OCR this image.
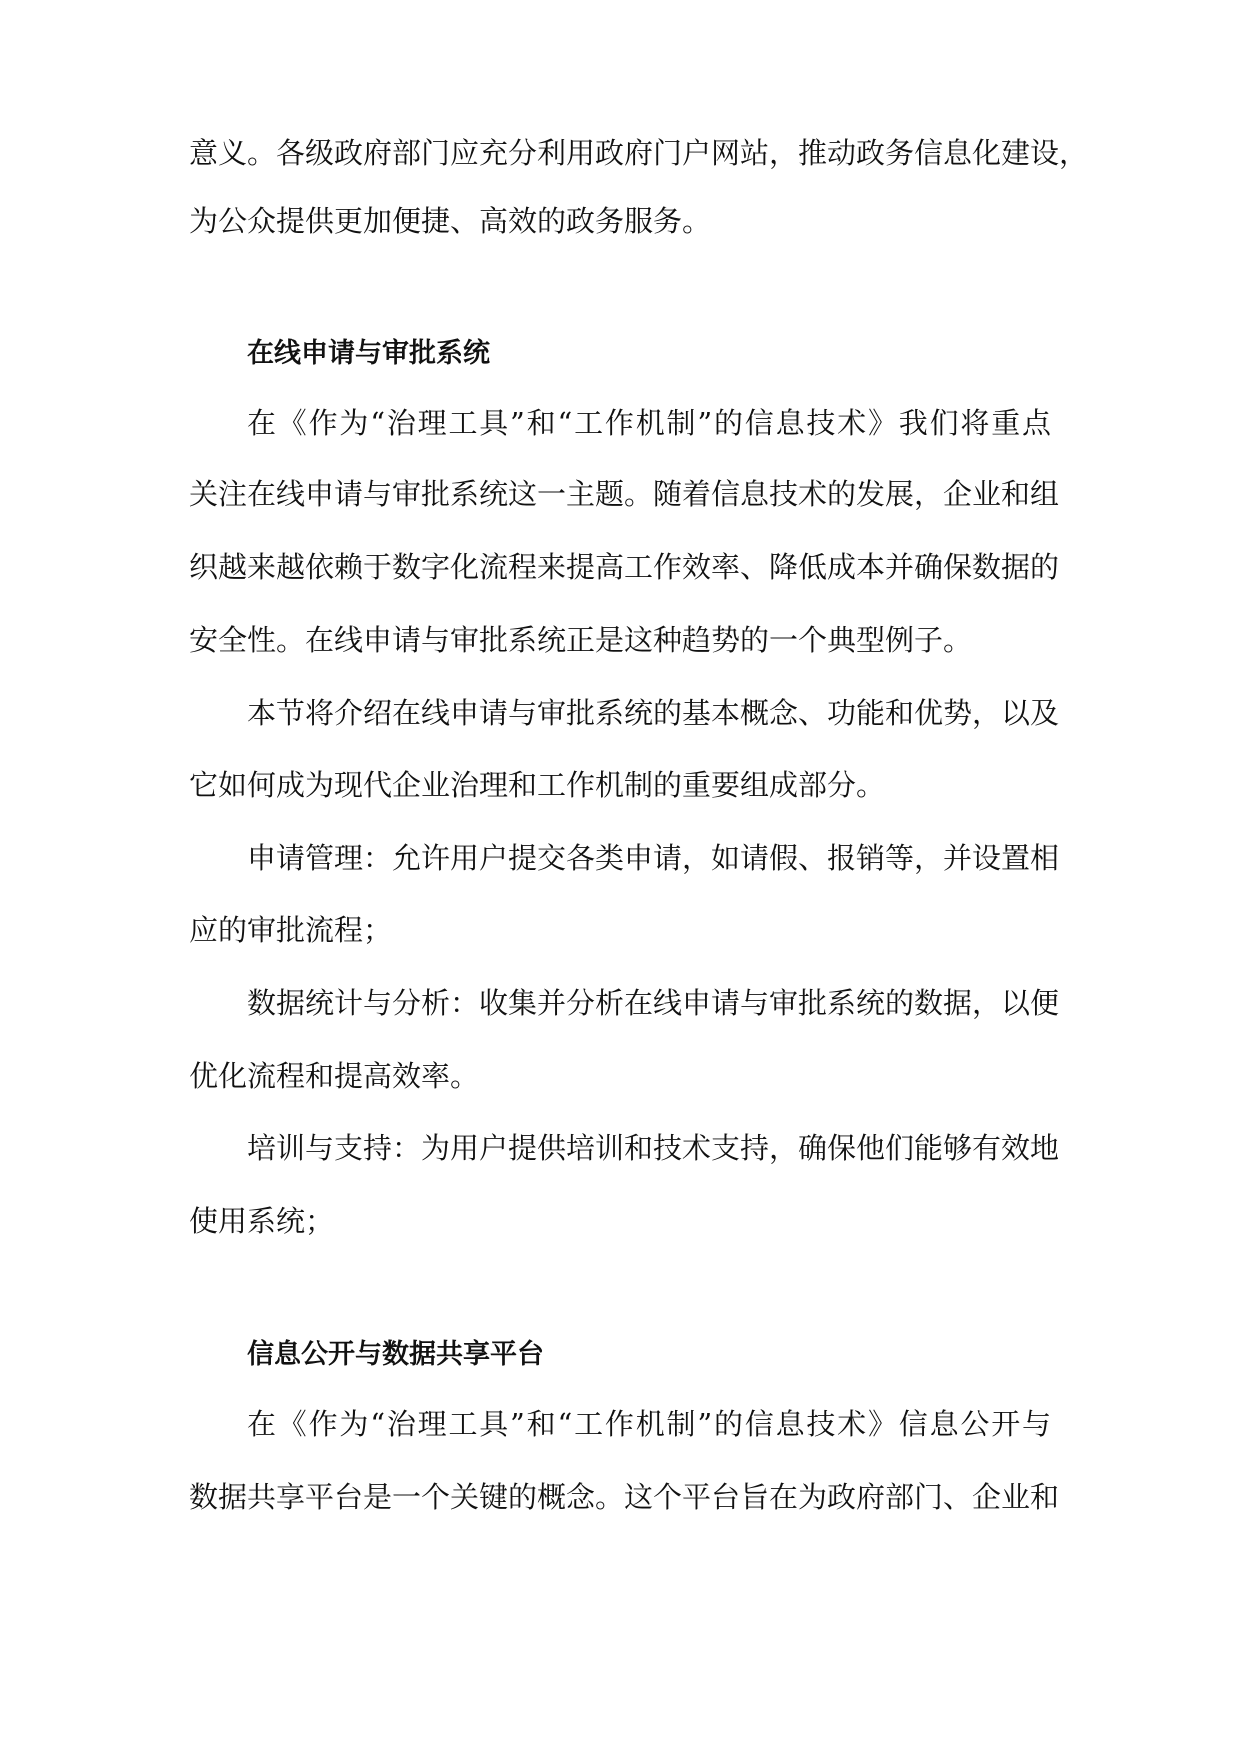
意义。各级政府部门应充分利用政府门户网站，推动政务信息化建设，
为公众提供更加便捷、高效的政务服务。
在线申请与审批系统
在《作为“治理工具”和“工作机制”的信息技术》我们将重点
关注在线申请与审批系统这一主题。随着信息技术的发展，企业和组
织越来越依赖于数字化流程来提高工作效率、降低成本并确保数据的
安全性。在线申请与审批系统正是这种趋势的一个典型例子。
本节将介绍在线申请与审批系统的基本概念、功能和优势，以及
它如何成为现代企业治理和工作机制的重要组成部分。
申请管理：允许用户提交各类申请，如请假、报销等，并设置相
应的审批流程；
数据统计与分析：收集并分析在线申请与审批系统的数据，以便
优化流程和提高效率。
培训与支持：为用户提供培训和技术支持，确保他们能够有效地
使用系统；
信息公开与数据共享平台
在《作为“治理工具”和“工作机制”的信息技术》信息公开与
数据共享平台是一个关键的概念。这个平台旨在为政府部门、企业和
